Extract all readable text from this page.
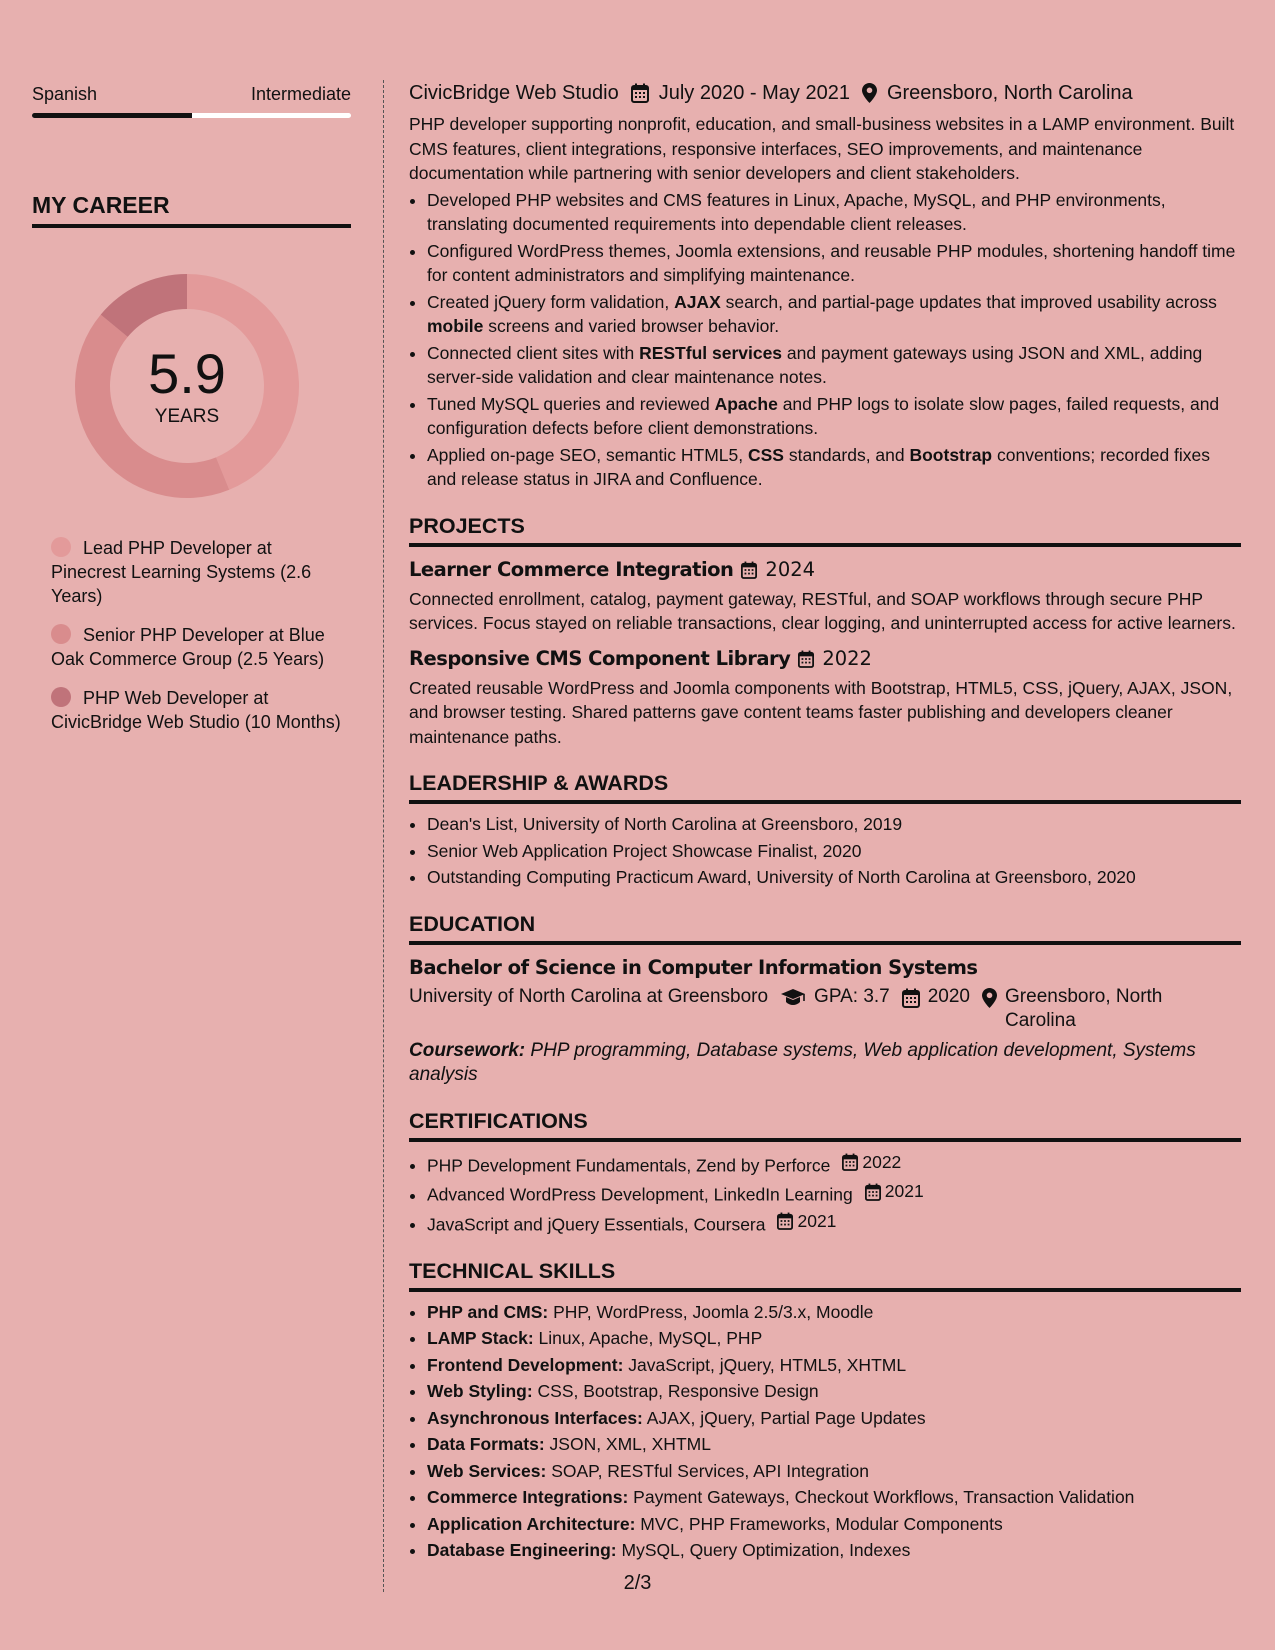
Spanish	Intermediate
MY CAREER
5.9
YEARS
Lead PHP Developer at Pinecrest Learning Systems (2.6 Years)
Senior PHP Developer at Blue Oak Commerce Group (2.5 Years)
PHP Web Developer at CivicBridge Web Studio (10 Months)
CivicBridge Web Studio July 2020 - May 2021 Greensboro, North Carolina
PHP developer supporting nonprofit, education, and small-business websites in a LAMP environment. Built CMS features, client integrations, responsive interfaces, SEO improvements, and maintenance documentation while partnering with senior developers and client stakeholders.
• Developed PHP websites and CMS features in Linux, Apache, MySQL, and PHP environments, translating documented requirements into dependable client releases.
• Configured WordPress themes, Joomla extensions, and reusable PHP modules, shortening handoff time for content administrators and simplifying maintenance.
• Created jQuery form validation, AJAX search, and partial-page updates that improved usability across mobile screens and varied browser behavior.
• Connected client sites with RESTful services and payment gateways using JSON and XML, adding server-side validation and clear maintenance notes.
• Tuned MySQL queries and reviewed Apache and PHP logs to isolate slow pages, failed requests, and configuration defects before client demonstrations.
• Applied on-page SEO, semantic HTML5, CSS standards, and Bootstrap conventions; recorded fixes and release status in JIRA and Confluence.
PROJECTS
Learner Commerce Integration 2024
Connected enrollment, catalog, payment gateway, RESTful, and SOAP workflows through secure PHP services. Focus stayed on reliable transactions, clear logging, and uninterrupted access for active learners.
Responsive CMS Component Library 2022
Created reusable WordPress and Joomla components with Bootstrap, HTML5, CSS, jQuery, AJAX, JSON, and browser testing. Shared patterns gave content teams faster publishing and developers cleaner maintenance paths.
LEADERSHIP & AWARDS
• Dean's List, University of North Carolina at Greensboro, 2019
• Senior Web Application Project Showcase Finalist, 2020
• Outstanding Computing Practicum Award, University of North Carolina at Greensboro, 2020
EDUCATION
Bachelor of Science in Computer Information Systems
University of North Carolina at Greensboro GPA: 3.7 2020 Greensboro, North Carolina
Coursework: PHP programming, Database systems, Web application development, Systems analysis
CERTIFICATIONS
• PHP Development Fundamentals, Zend by Perforce 2022
• Advanced WordPress Development, LinkedIn Learning 2021
• JavaScript and jQuery Essentials, Coursera 2021
TECHNICAL SKILLS
• PHP and CMS: PHP, WordPress, Joomla 2.5/3.x, Moodle
• LAMP Stack: Linux, Apache, MySQL, PHP
• Frontend Development: JavaScript, jQuery, HTML5, XHTML
• Web Styling: CSS, Bootstrap, Responsive Design
• Asynchronous Interfaces: AJAX, jQuery, Partial Page Updates
• Data Formats: JSON, XML, XHTML
• Web Services: SOAP, RESTful Services, API Integration
• Commerce Integrations: Payment Gateways, Checkout Workflows, Transaction Validation
• Application Architecture: MVC, PHP Frameworks, Modular Components
• Database Engineering: MySQL, Query Optimization, Indexes
2/3
